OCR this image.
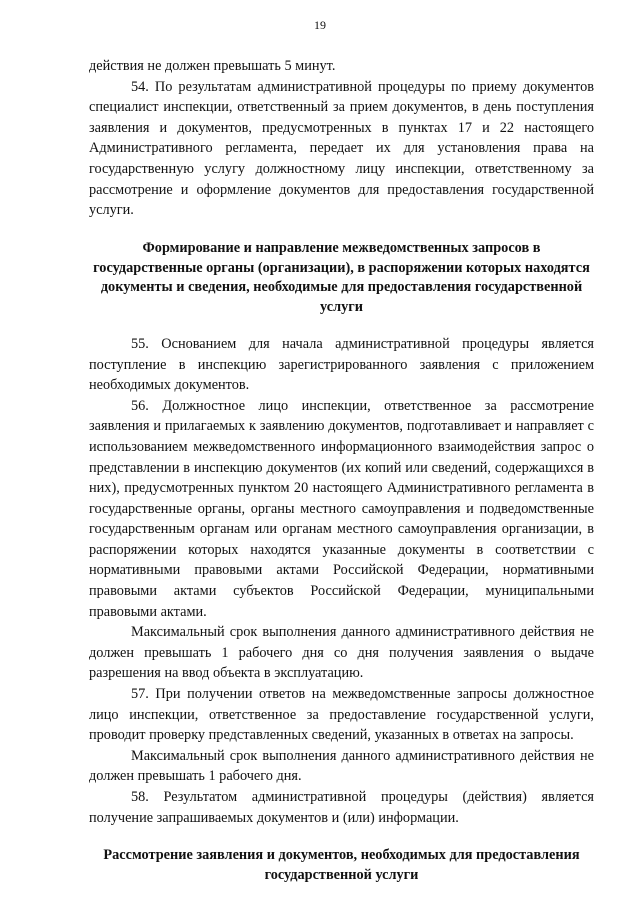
19

действия не должен превышать 5 минут.

54. По результатам административной процедуры по приему документов специалист инспекции, ответственный за прием документов, в день поступления заявления и документов, предусмотренных в пунктах 17 и 22 настоящего Административного регламента, передает их для установления права на государственную услугу должностному лицу инспекции, ответственному за рассмотрение и оформление документов для предоставления государственной услуги.

Формирование и направление межведомственных запросов в государственные органы (организации), в распоряжении которых находятся документы и сведения, необходимые для предоставления государственной услуги

55. Основанием для начала административной процедуры является поступление в инспекцию зарегистрированного заявления с приложением необходимых документов.

56. Должностное лицо инспекции, ответственное за рассмотрение заявления и прилагаемых к заявлению документов, подготавливает и направляет с использованием межведомственного информационного взаимодействия запрос о представлении в инспекцию документов (их копий или сведений, содержащихся в них), предусмотренных пунктом 20 настоящего Административного регламента в государственные органы, органы местного самоуправления и подведомственные государственным органам или органам местного самоуправления организации, в распоряжении которых находятся указанные документы в соответствии с нормативными правовыми актами Российской Федерации, нормативными правовыми актами субъектов Российской Федерации, муниципальными правовыми актами.

Максимальный срок выполнения данного административного действия не должен превышать 1 рабочего дня со дня получения заявления о выдаче разрешения на ввод объекта в эксплуатацию.

57. При получении ответов на межведомственные запросы должностное лицо инспекции, ответственное за предоставление государственной услуги, проводит проверку представленных сведений, указанных в ответах на запросы.

Максимальный срок выполнения данного административного действия не должен превышать 1 рабочего дня.

58. Результатом административной процедуры (действия) является получение запрашиваемых документов и (или) информации.

Рассмотрение заявления и документов, необходимых для предоставления государственной услуги
